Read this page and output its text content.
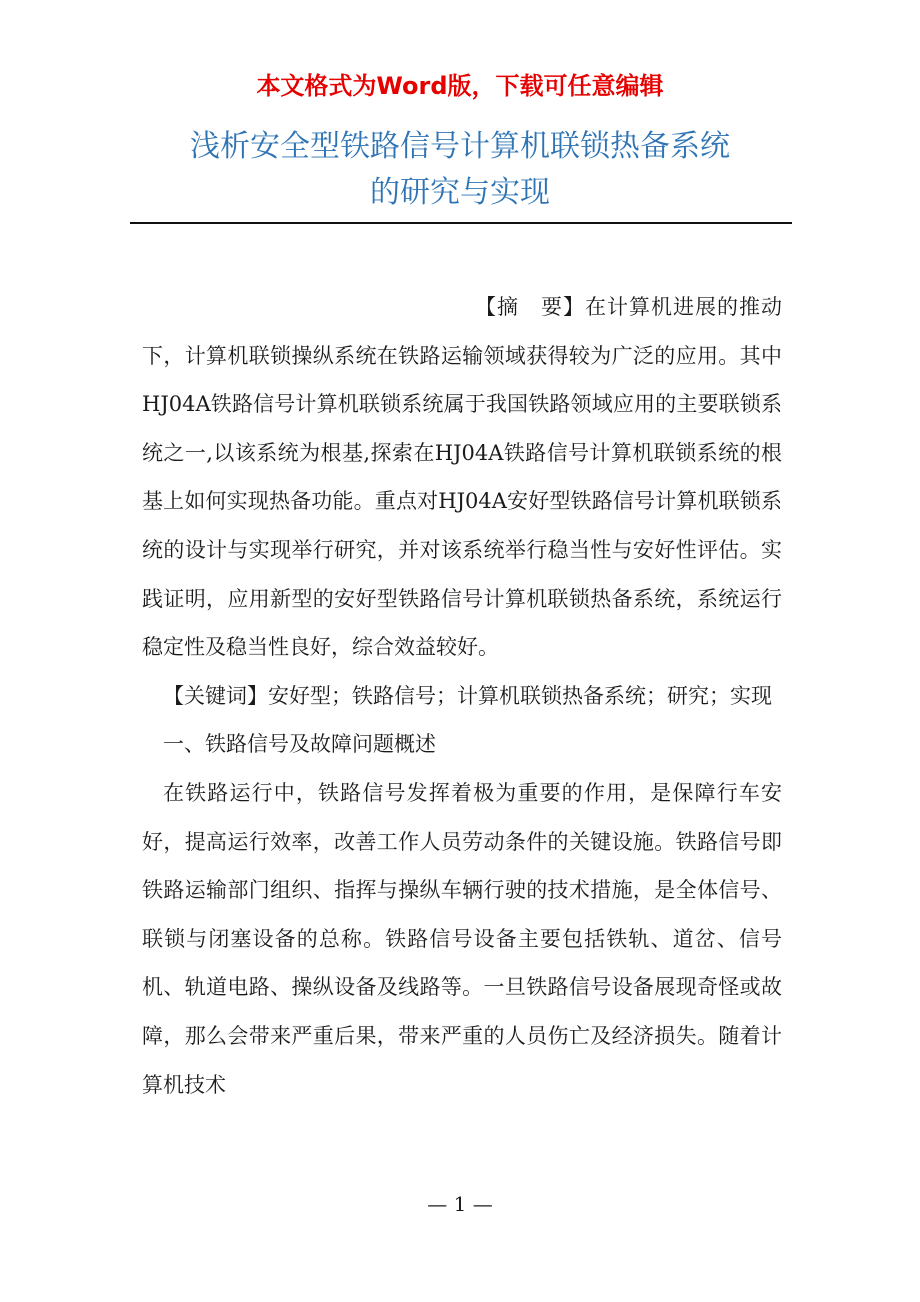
本文格式为Word版，下载可任意编辑
浅析安全型铁路信号计算机联锁热备系统
的研究与实现

【摘　要】在计算机进展的推动下，计算机联锁操纵系统在铁路运输领域获得较为广泛的应用。其中HJ04A铁路信号计算机联锁系统属于我国铁路领域应用的主要联锁系统之一,以该系统为根基,探索在HJ04A铁路信号计算机联锁系统的根基上如何实现热备功能。重点对HJ04A安好型铁路信号计算机联锁系统的设计与实现举行研究，并对该系统举行稳当性与安好性评估。实践证明，应用新型的安好型铁路信号计算机联锁热备系统，系统运行稳定性及稳当性良好，综合效益较好。

【关键词】安好型；铁路信号；计算机联锁热备系统；研究；实现

一、铁路信号及故障问题概述

在铁路运行中，铁路信号发挥着极为重要的作用，是保障行车安好，提高运行效率，改善工作人员劳动条件的关键设施。铁路信号即铁路运输部门组织、指挥与操纵车辆行驶的技术措施，是全体信号、联锁与闭塞设备的总称。铁路信号设备主要包括铁轨、道岔、信号机、轨道电路、操纵设备及线路等。一旦铁路信号设备展现奇怪或故障，那么会带来严重后果，带来严重的人员伤亡及经济损失。随着计算机技术

— 1 —
